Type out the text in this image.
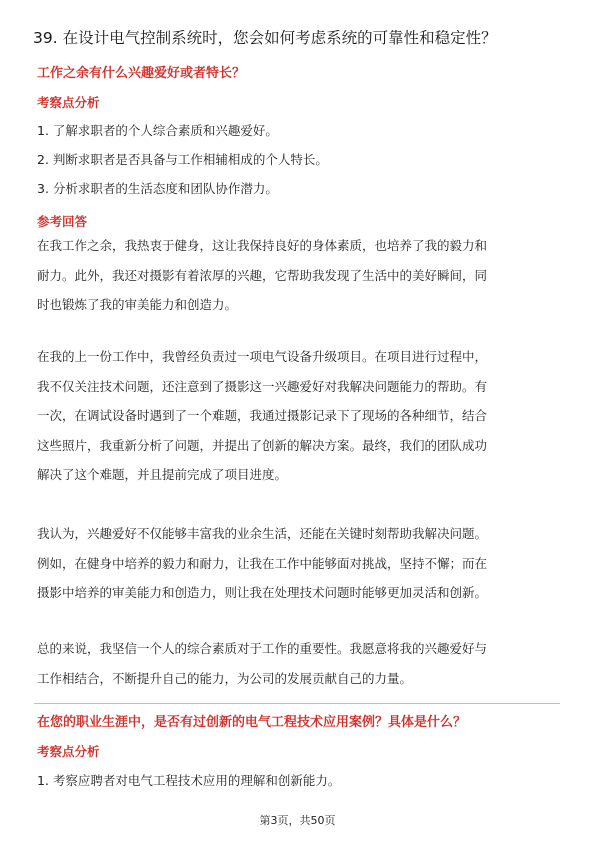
39. 在设计电气控制系统时，您会如何考虑系统的可靠性和稳定性？
工作之余有什么兴趣爱好或者特长？
考察点分析
1. 了解求职者的个人综合素质和兴趣爱好。
2. 判断求职者是否具备与工作相辅相成的个人特长。
3. 分析求职者的生活态度和团队协作潜力。
参考回答
在我工作之余，我热衷于健身，这让我保持良好的身体素质，也培养了我的毅力和
耐力。此外，我还对摄影有着浓厚的兴趣，它帮助我发现了生活中的美好瞬间，同
时也锻炼了我的审美能力和创造力。
在我的上一份工作中，我曾经负责过一项电气设备升级项目。在项目进行过程中，
我不仅关注技术问题，还注意到了摄影这一兴趣爱好对我解决问题能力的帮助。有
一次，在调试设备时遇到了一个难题，我通过摄影记录下了现场的各种细节，结合
这些照片，我重新分析了问题，并提出了创新的解决方案。最终，我们的团队成功
解决了这个难题，并且提前完成了项目进度。
我认为，兴趣爱好不仅能够丰富我的业余生活，还能在关键时刻帮助我解决问题。
例如，在健身中培养的毅力和耐力，让我在工作中能够面对挑战，坚持不懈；而在
摄影中培养的审美能力和创造力，则让我在处理技术问题时能够更加灵活和创新。
总的来说，我坚信一个人的综合素质对于工作的重要性。我愿意将我的兴趣爱好与
工作相结合，不断提升自己的能力，为公司的发展贡献自己的力量。
在您的职业生涯中，是否有过创新的电气工程技术应用案例？具体是什么？
考察点分析
1. 考察应聘者对电气工程技术应用的理解和创新能力。
第3页，共50页
